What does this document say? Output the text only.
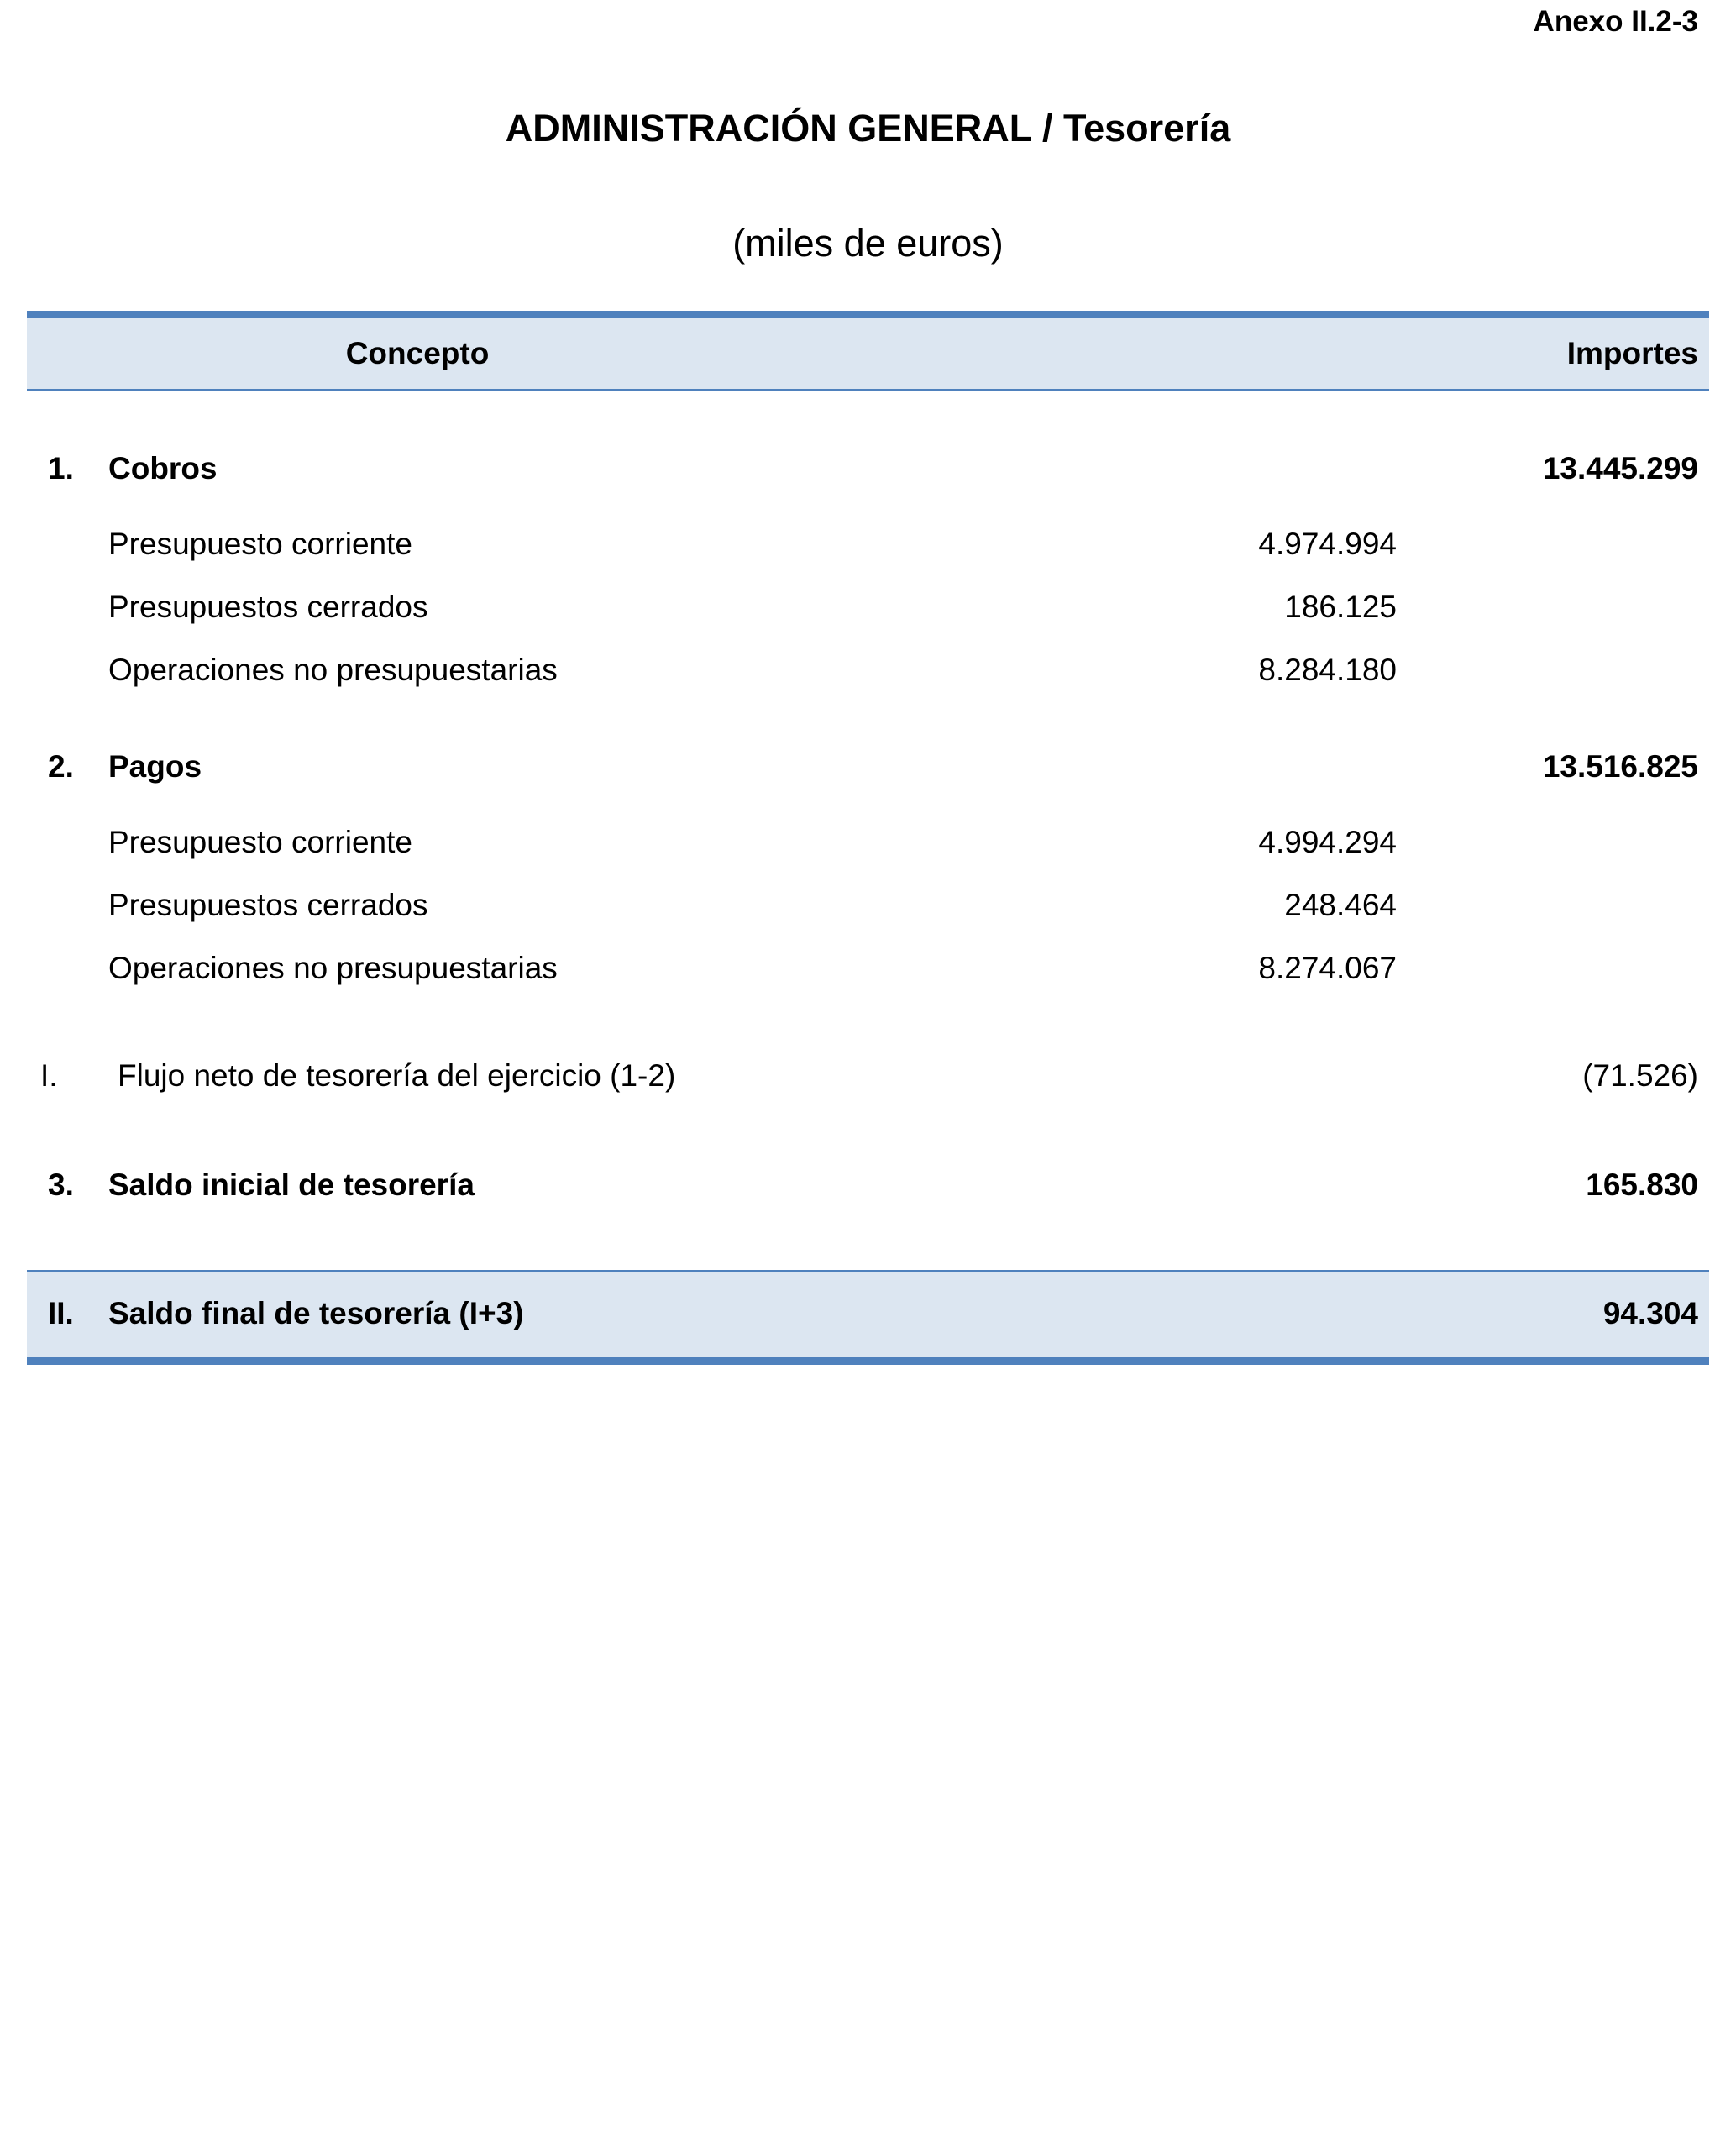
Anexo II.2-3
ADMINISTRACIÓN GENERAL / Tesorería
(miles de euros)
Concepto	Importes
1. Cobros	13.445.299
Presupuesto corriente	4.974.994
Presupuestos cerrados	186.125
Operaciones no presupuestarias	8.284.180
2. Pagos	13.516.825
Presupuesto corriente	4.994.294
Presupuestos cerrados	248.464
Operaciones no presupuestarias	8.274.067
I. Flujo neto de tesorería del ejercicio (1-2)	(71.526)
3. Saldo inicial de tesorería	165.830
II. Saldo final de tesorería (I+3)	94.304
